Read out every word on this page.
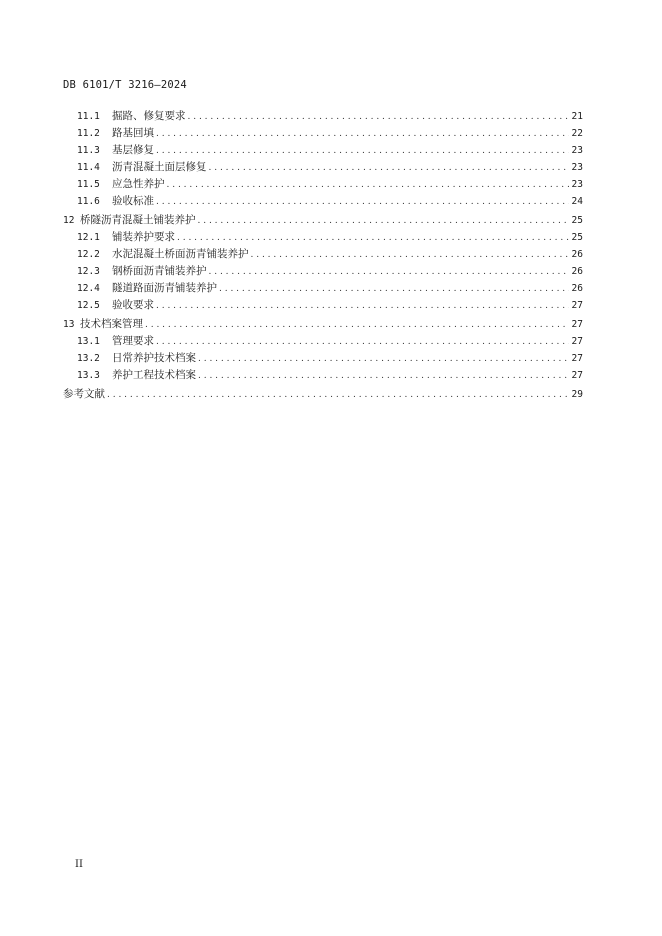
DB 6101/T 3216—2024
11.1	掘路、修复要求 . . .	21
11.2	路基回填 . . .	22
11.3	基层修复 . . .	23
11.4	沥青混凝土面层修复 . . .	23
11.5	应急性养护 . . .	23
11.6	验收标准 . . .	24
12 桥隧沥青混凝土铺装养护 . . .	25
12.1	铺装养护要求 . . .	25
12.2	水泥混凝土桥面沥青铺装养护 . . .	26
12.3	钢桥面沥青铺装养护 . . .	26
12.4	隧道路面沥青铺装养护 . . .	26
12.5	验收要求 . . .	27
13 技术档案管理 . . .	27
13.1	管理要求 . . .	27
13.2	日常养护技术档案 . . .	27
13.3	养护工程技术档案 . . .	27
参考文献 . . .	29
II
